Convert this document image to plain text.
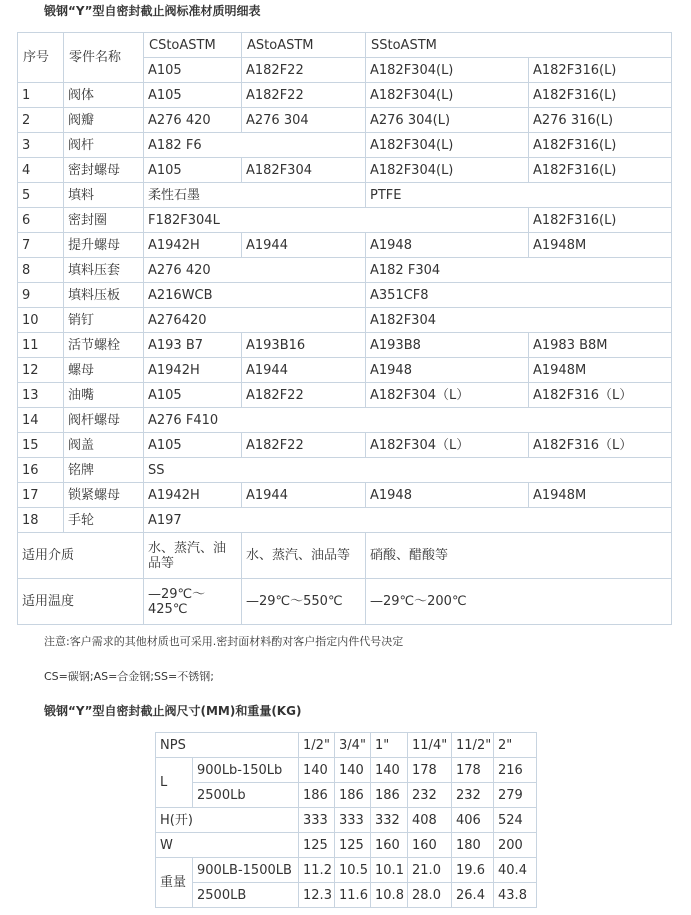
锻钢“Y”型自密封截止阀标准材质明细表
序号	零件名称	CStoASTM	AStoASTM	SStoASTM	
		A105	A182F22	A182F304(L)	A182F316(L)
1	阀体	A105	A182F22	A182F304(L)	A182F316(L)
2	阀瓣	A276 420	A276 304	A276 304(L)	A276 316(L)
3	阀杆	A182 F6		A182F304(L)	A182F316(L)
4	密封螺母	A105	A182F304	A182F304(L)	A182F316(L)
5	填料	柔性石墨		PTFE	
6	密封圈	F182F304L			A182F316(L)
7	提升螺母	A1942H	A1944	A1948	A1948M
8	填料压套	A276 420		A182 F304	
9	填料压板	A216WCB		A351CF8	
10	销钉	A276420		A182F304	
11	活节螺栓	A193 B7	A193B16	A193B8	A1983 B8M
12	螺母	A1942H	A1944	A1948	A1948M
13	油嘴	A105	A182F22	A182F304（L）	A182F316（L）
14	阀杆螺母	A276 F410			
15	阀盖	A105	A182F22	A182F304（L）	A182F316（L）
16	铭牌	SS			
17	锁紧螺母	A1942H	A1944	A1948	A1948M
18	手轮	A197			
适用介质		水、蒸汽、油品等	水、蒸汽、油品等	硝酸、醋酸等	
适用温度		—29℃～425℃	—29℃～550℃	—29℃～200℃	
注意:客户需求的其他材质也可采用.密封面材料酌对客户指定内件代号决定
CS=碳钢;AS=合金钢;SS=不锈钢;
锻钢“Y”型自密封截止阀尺寸(MM)和重量(KG)
NPS		1/2"	3/4"	1"	11/4"	11/2"	2"
L	900Lb-150Lb	140	140	140	178	178	216
	2500Lb	186	186	186	232	232	279
H(开)		333	333	332	408	406	524
W		125	125	160	160	180	200
重量	900LB-1500LB	11.2	10.5	10.1	21.0	19.6	40.4
	2500LB	12.3	11.6	10.8	28.0	26.4	43.8
